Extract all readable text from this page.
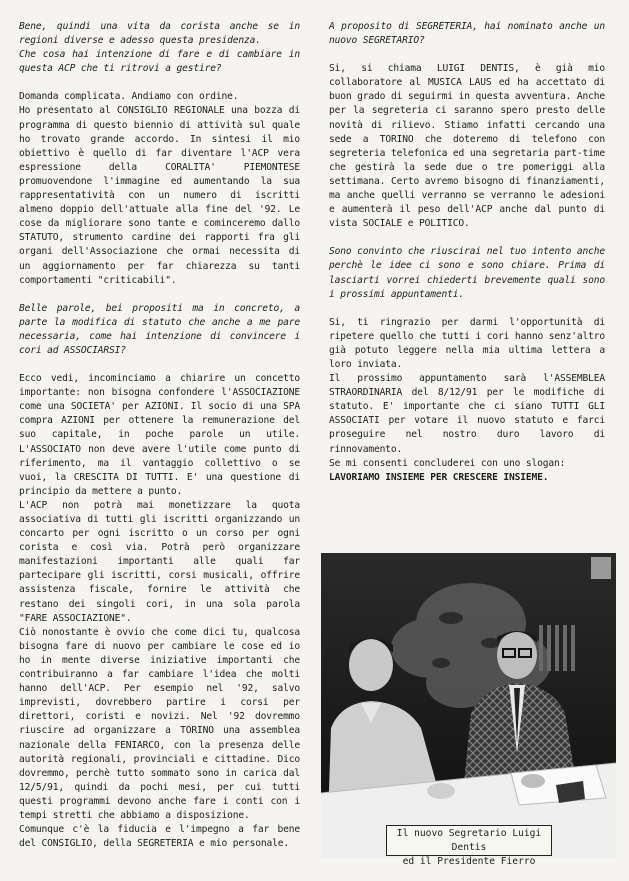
Bene, quindi una vita da corista anche se in regioni diverse e adesso questa presidenza.
Che cosa hai intenzione di fare e di cambiare in questa ACP che ti ritrovi a gestire?

Domanda complicata. Andiamo con ordine.
Ho presentato al CONSIGLIO REGIONALE una bozza di programma di questo biennio di attività sul quale ho trovato grande accordo. In sintesi il mio obiettivo è quello di far diventare l'ACP vera espressione della CORALITA' PIEMONTESE promuovendone l'immagine ed aumentando la sua rappresentatività con un numero di iscritti almeno doppio dell'attuale alla fine del '92. Le cose da migliorare sono tante e cominceremo dallo STATUTO, strumento cardine dei rapporti fra gli organi dell'Associazione che ormai necessita di un aggiornamento per far chiarezza su tanti comportamenti "criticabili".

Belle parole, bei propositi ma in concreto, a parte la modifica di statuto che anche a me pare necessaria, come hai intenzione di convincere i cori ad ASSOCIARSI?

Ecco vedi, incominciamo a chiarire un concetto importante: non bisogna confondere l'ASSOCIAZIONE come una SOCIETA' per AZIONI. Il socio di una SPA compra AZIONI per ottenere la remunerazione del suo capitale, in poche parole un utile. L'ASSOCIATO non deve avere l'utile come punto di riferimento, ma il vantaggio collettivo o se vuoi, la CRESCITA DI TUTTI. E' una questione di principio da mettere a punto.
L'ACP non potrà mai monetizzare la quota associativa di tutti gli iscritti organizzando un concarto per ogni iscritto o un corso per ogni corista e così via. Potrà però organizzare manifestazioni importanti alle quali far partecipare gli iscritti, corsi musicali, offrire assistenza fiscale, fornire le attività che restano dei singoli cori, in una sola parola "FARE ASSOCIAZIONE".
Ciò nonostante è ovvio che come dici tu, qualcosa bisogna fare di nuovo per cambiare le cose ed io ho in mente diverse iniziative importanti che contribuiranno a far cambiare l'idea che molti hanno dell'ACP. Per esempio nel '92, salvo imprevisti, dovrebbero partire i corsi per direttori, coristi e novizi. Nel '92 dovremmo riuscire ad organizzare a TORINO una assemblea nazionale della FENIARCO, con la presenza delle autorità regionali, provinciali e cittadine. Dico dovremmo, perchè tutto sommato sono in carica dal 12/5/91, quindi da pochi mesi, per cui tutti questi programmi devono anche fare i conti con i tempi stretti che abbiamo a disposizione.
Comunque c'è la fiducia e l'impegno a far bene del CONSIGLIO, della SEGRETERIA e mio personale.

A proposito di SEGRETERIA, hai nominato anche un nuovo SEGRETARIO?

Si, si chiama LUIGI DENTIS, è già mio collaboratore al MUSICA LAUS ed ha accettato di buon grado di seguirmi in questa avventura. Anche per la segreteria ci saranno spero presto delle novità di rilievo. Stiamo infatti cercando una sede a TORINO che doteremo di telefono con segreteria telefonica ed una segretaria part-time che gestirà la sede due o tre pomeriggi alla settimana. Certo avremo bisogno di finanziamenti, ma anche quelli verranno se verranno le adesioni e aumenterà il peso dell'ACP anche dal punto di vista SOCIALE e POLITICO.

Sono convinto che riuscirai nel tuo intento anche perchè le idee ci sono e sono chiare. Prima di lasciarti vorrei chiederti brevemente quali sono i prossimi appuntamenti.

Si, ti ringrazio per darmi l'opportunità di ripetere quello che tutti i cori hanno senz'altro già potuto leggere nella mia ultima lettera a loro inviata.
Il prossimo appuntamento sarà l'ASSEMBLEA STRAORDINARIA del 8/12/91 per le modifiche di statuto. E' importante che ci siano TUTTI GLI ASSOCIATI per votare il nuovo statuto e farci proseguire nel nostro duro lavoro di rinnovamento.
Se mi consenti concluderei con uno slogan:

LAVORIAMO INSIEME PER CRESCERE INSIEME.

Il nuovo Segretario Luigi Dentis
ed il Presidente Fierro
